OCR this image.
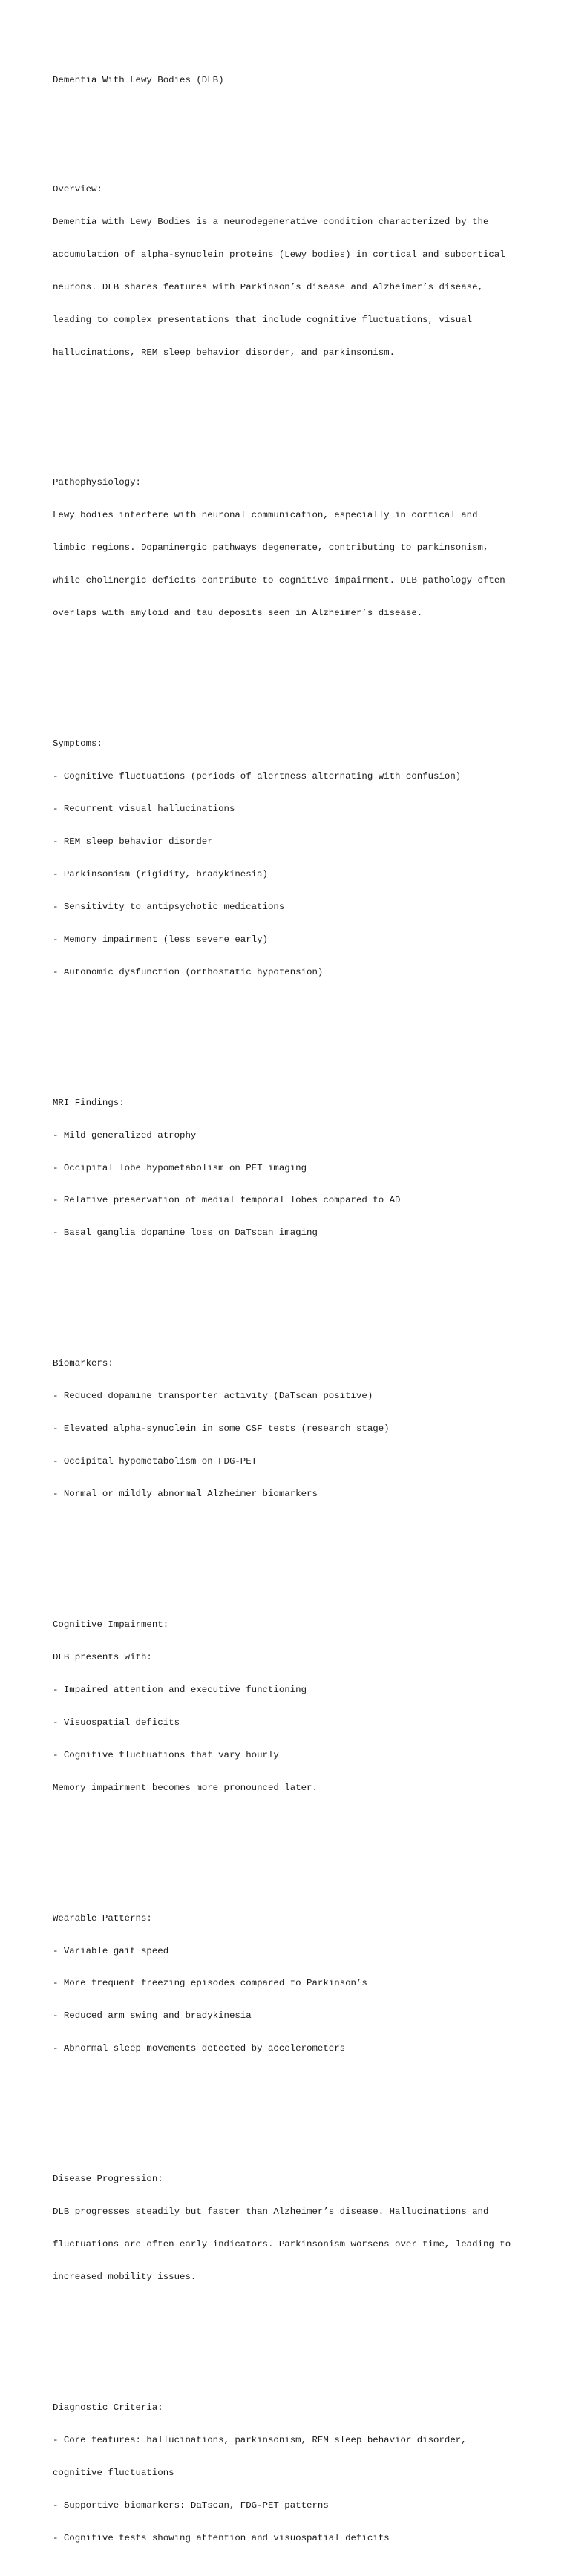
Dementia With Lewy Bodies (DLB)

Overview:

Dementia with Lewy Bodies is a neurodegenerative condition characterized by the

accumulation of alpha-synuclein proteins (Lewy bodies) in cortical and subcortical

neurons. DLB shares features with Parkinson’s disease and Alzheimer’s disease,

leading to complex presentations that include cognitive fluctuations, visual

hallucinations, REM sleep behavior disorder, and parkinsonism.

Pathophysiology:

Lewy bodies interfere with neuronal communication, especially in cortical and

limbic regions. Dopaminergic pathways degenerate, contributing to parkinsonism,

while cholinergic deficits contribute to cognitive impairment. DLB pathology often

overlaps with amyloid and tau deposits seen in Alzheimer’s disease.

Symptoms:

- Cognitive fluctuations (periods of alertness alternating with confusion)

- Recurrent visual hallucinations

- REM sleep behavior disorder

- Parkinsonism (rigidity, bradykinesia)

- Sensitivity to antipsychotic medications

- Memory impairment (less severe early)

- Autonomic dysfunction (orthostatic hypotension)

MRI Findings:

- Mild generalized atrophy

- Occipital lobe hypometabolism on PET imaging

- Relative preservation of medial temporal lobes compared to AD

- Basal ganglia dopamine loss on DaTscan imaging

Biomarkers:

- Reduced dopamine transporter activity (DaTscan positive)

- Elevated alpha-synuclein in some CSF tests (research stage)

- Occipital hypometabolism on FDG-PET

- Normal or mildly abnormal Alzheimer biomarkers

Cognitive Impairment:

DLB presents with:

- Impaired attention and executive functioning

- Visuospatial deficits

- Cognitive fluctuations that vary hourly

Memory impairment becomes more pronounced later.

Wearable Patterns:

- Variable gait speed

- More frequent freezing episodes compared to Parkinson’s

- Reduced arm swing and bradykinesia

- Abnormal sleep movements detected by accelerometers

Disease Progression:

DLB progresses steadily but faster than Alzheimer’s disease. Hallucinations and

fluctuations are often early indicators. Parkinsonism worsens over time, leading to

increased mobility issues.

Diagnostic Criteria:

- Core features: hallucinations, parkinsonism, REM sleep behavior disorder,

cognitive fluctuations

- Supportive biomarkers: DaTscan, FDG-PET patterns

- Cognitive tests showing attention and visuospatial deficits
